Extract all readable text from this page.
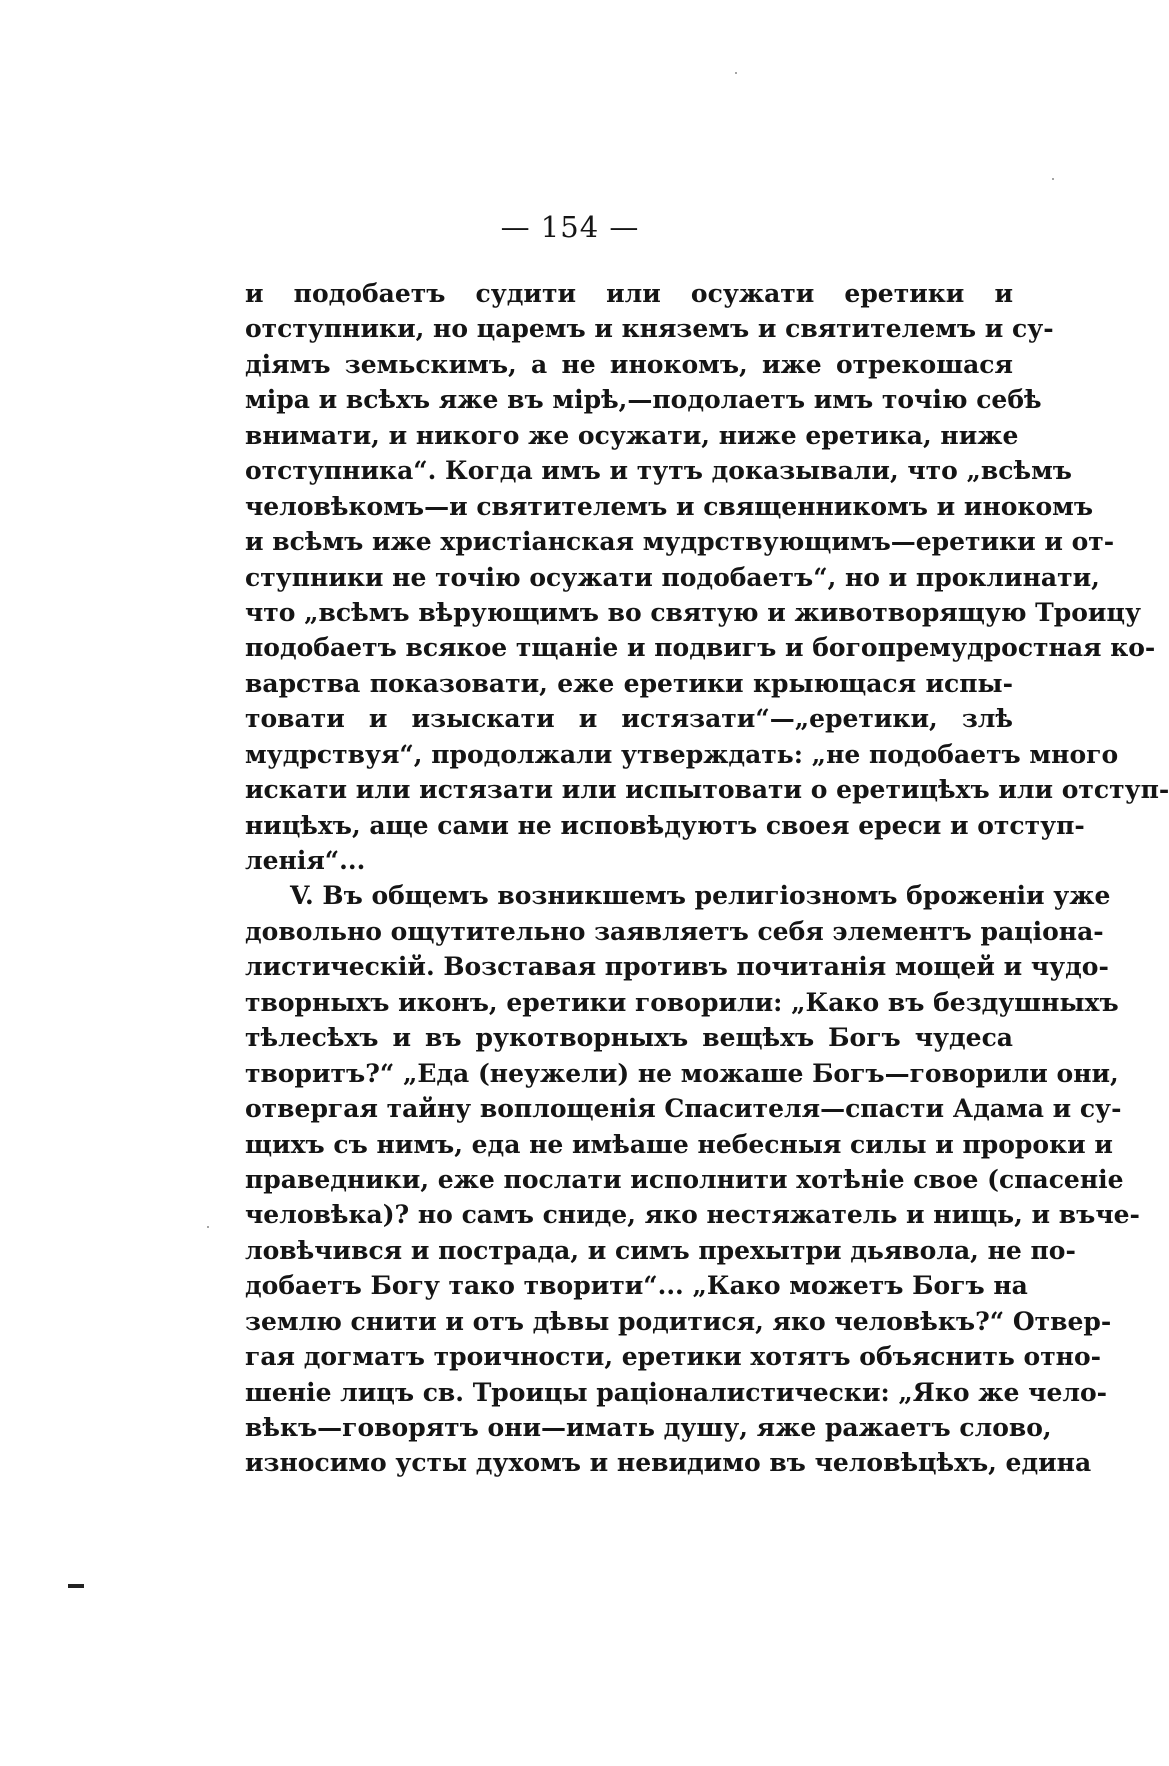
— 154 —
и подобаетъ судити или осужати еретики и
отступники, но царемъ и княземъ и святителемъ и су-
діямъ земьскимъ, а не инокомъ, иже отрекошася
міра и всѣхъ яже въ мірѣ,—подолаетъ имъ точію себѣ
внимати, и никого же осужати, ниже еретика, ниже
отступника“. Когда имъ и тутъ доказывали, что „всѣмъ
человѣкомъ—и святителемъ и священникомъ и инокомъ
и всѣмъ иже христіанская мудрствующимъ—еретики и от-
ступники не точію осужати подобаетъ“, но и проклинати,
что „всѣмъ вѣрующимъ во святую и животворящую Троицу
подобаетъ всякое тщаніе и подвигъ и богопремудростная ко-
варства показовати, еже еретики крыющася испы-
товати и изыскати и истязати“—„еретики, злѣ
мудрствуя“, продолжали утверждать: „не подобаетъ много
искати или истязати или испытовати о еретицѣхъ или отступ-
ницѣхъ, аще сами не исповѣдуютъ своея ереси и отступ-
ленія“...
V. Въ общемъ возникшемъ религіозномъ броженіи уже
довольно ощутительно заявляетъ себя элементъ раціона-
листическій. Возставая противъ почитанія мощей и чудо-
творныхъ иконъ, еретики говорили: „Како въ бездушныхъ
тѣлесѣхъ и въ рукотворныхъ вещѣхъ Богъ чудеса
творитъ?“ „Еда (неужели) не можаше Богъ—говорили они,
отвергая тайну воплощенія Спасителя—спасти Адама и су-
щихъ съ нимъ, еда не имѣаше небесныя силы и пророки и
праведники, еже послати исполнити хотѣніе свое (спасеніе
человѣка)? но самъ сниде, яко нестяжатель и нищь, и въче-
ловѣчився и пострада, и симъ прехытри дьявола, не по-
добаетъ Богу тако творити“... „Како можетъ Богъ на
землю снити и отъ дѣвы родитися, яко человѣкъ?“ Отвер-
гая догматъ троичности, еретики хотятъ объяснить отно-
шеніе лицъ св. Троицы раціоналистически: „Яко же чело-
вѣкъ—говорятъ они—имать душу, яже ражаетъ слово,
износимо усты духомъ и невидимо въ человѣцѣхъ, едина
